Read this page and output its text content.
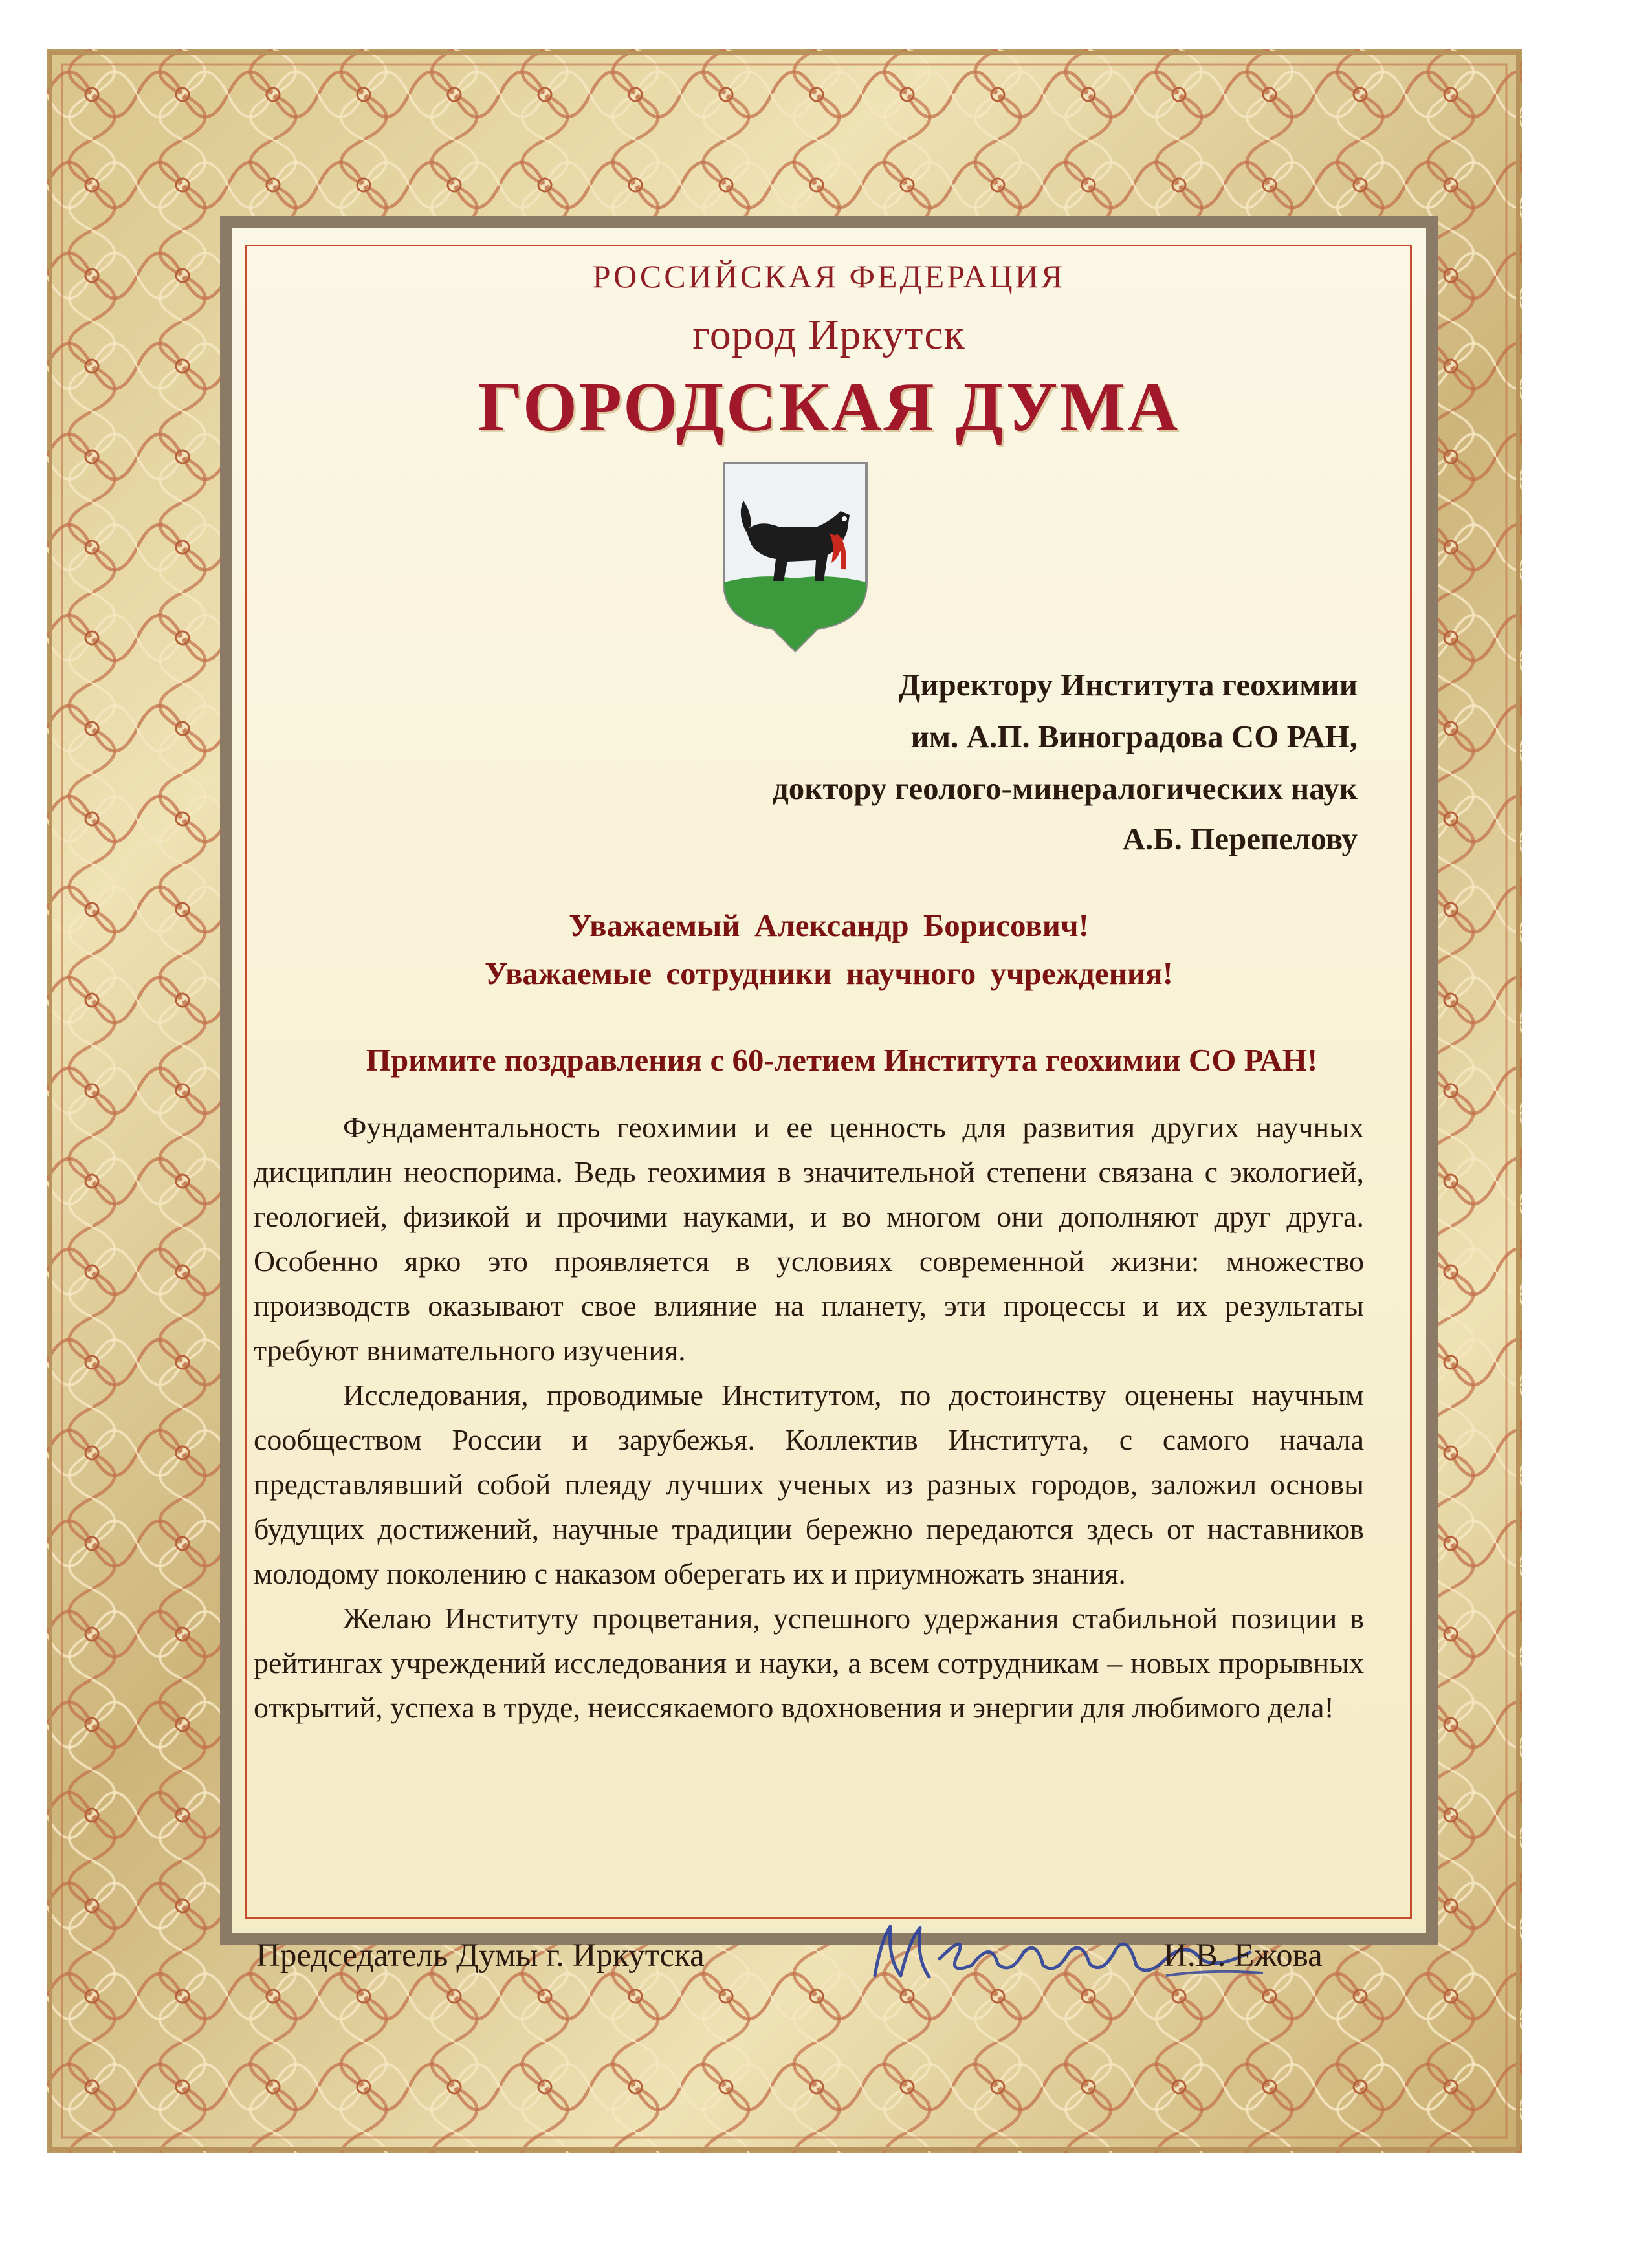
РОССИЙСКАЯ ФЕДЕРАЦИЯ
город Иркутск
ГОРОДСКАЯ ДУМА
Директору Института геохимии
им. А.П. Виноградова СО РАН,
доктору геолого-минералогических наук
А.Б. Перепелову
Уважаемый Александр Борисович!
Уважаемые сотрудники научного учреждения!
Примите поздравления с 60-летием Института геохимии СО РАН!

Фундаментальность геохимии и ее ценность для развития других научных дисциплин неоспорима. Ведь геохимия в значительной степени связана с экологией, геологией, физикой и прочими науками, и во многом они дополняют друг друга. Особенно ярко это проявляется в условиях современной жизни: множество производств оказывают свое влияние на планету, эти процессы и их результаты требуют внимательного изучения.

Исследования, проводимые Институтом, по достоинству оценены научным сообществом России и зарубежья. Коллектив Института, с самого начала представлявший собой плеяду лучших ученых из разных городов, заложил основы будущих достижений, научные традиции бережно передаются здесь от наставников молодому поколению с наказом оберегать их и приумножать знания.

Желаю Институту процветания, успешного удержания стабильной позиции в рейтингах учреждений исследования и науки, а всем сотрудникам – новых прорывных открытий, успеха в труде, неиссякаемого вдохновения и энергии для любимого дела!

Председатель Думы г. Иркутска	И.В. Ежова
